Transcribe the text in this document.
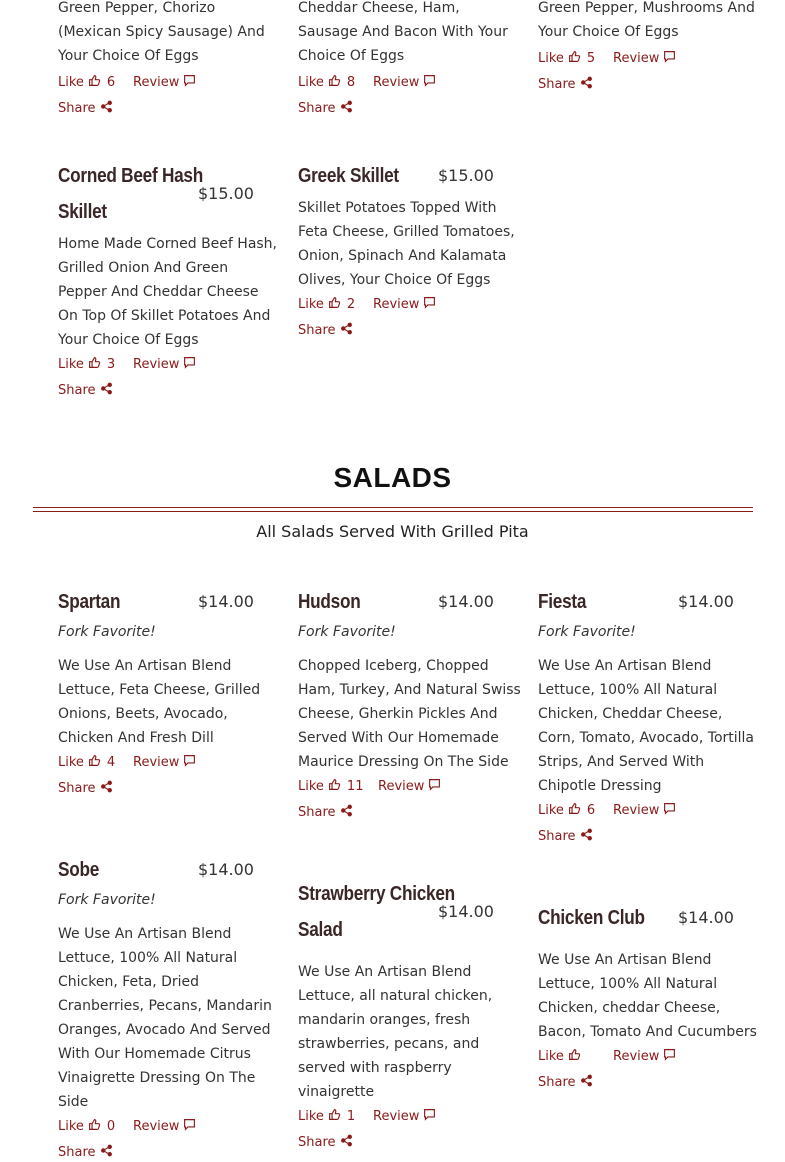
Green Pepper, Chorizo
(Mexican Spicy Sausage) And
Your Choice Of Eggs
Like 6 Review
Share
Cheddar Cheese, Ham,
Sausage And Bacon With Your
Choice Of Eggs
Like 8 Review
Share
Green Pepper, Mushrooms And
Your Choice Of Eggs
Like 5 Review
Share
Corned Beef Hash
Skillet
$15.00
Home Made Corned Beef Hash,
Grilled Onion And Green
Pepper And Cheddar Cheese
On Top Of Skillet Potatoes And
Your Choice Of Eggs
Like 3 Review
Share
Greek Skillet $15.00
Skillet Potatoes Topped With
Feta Cheese, Grilled Tomatoes,
Onion, Spinach And Kalamata
Olives, Your Choice Of Eggs
Like 2 Review
Share
SALADS
All Salads Served With Grilled Pita
Spartan	$14.00
Fork Favorite!
We Use An Artisan Blend
Lettuce, Feta Cheese, Grilled
Onions, Beets, Avocado,
Chicken And Fresh Dill
Like 4 Review
Share
Hudson	$14.00
Fork Favorite!
Chopped Iceberg, Chopped
Ham, Turkey, And Natural Swiss
Cheese, Gherkin Pickles And
Served With Our Homemade
Maurice Dressing On The Side
Like 11 Review
Share
Fiesta	$14.00
Fork Favorite!
We Use An Artisan Blend
Lettuce, 100% All Natural
Chicken, Cheddar Cheese,
Corn, Tomato, Avocado, Tortilla
Strips, And Served With
Chipotle Dressing
Like 6 Review
Share
Sobe	$14.00
Fork Favorite!
We Use An Artisan Blend
Lettuce, 100% All Natural
Chicken, Feta, Dried
Cranberries, Pecans, Mandarin
Oranges, Avocado And Served
With Our Homemade Citrus
Vinaigrette Dressing On The
Side
Like 0 Review
Share
Strawberry Chicken
Salad
$14.00
We Use An Artisan Blend
Lettuce, all natural chicken,
mandarin oranges, fresh
strawberries, pecans, and
served with raspberry
vinaigrette
Like 1 Review
Share
Chicken Club $14.00
We Use An Artisan Blend
Lettuce, 100% All Natural
Chicken, cheddar Cheese,
Bacon, Tomato And Cucumbers
Like	Review
Share
